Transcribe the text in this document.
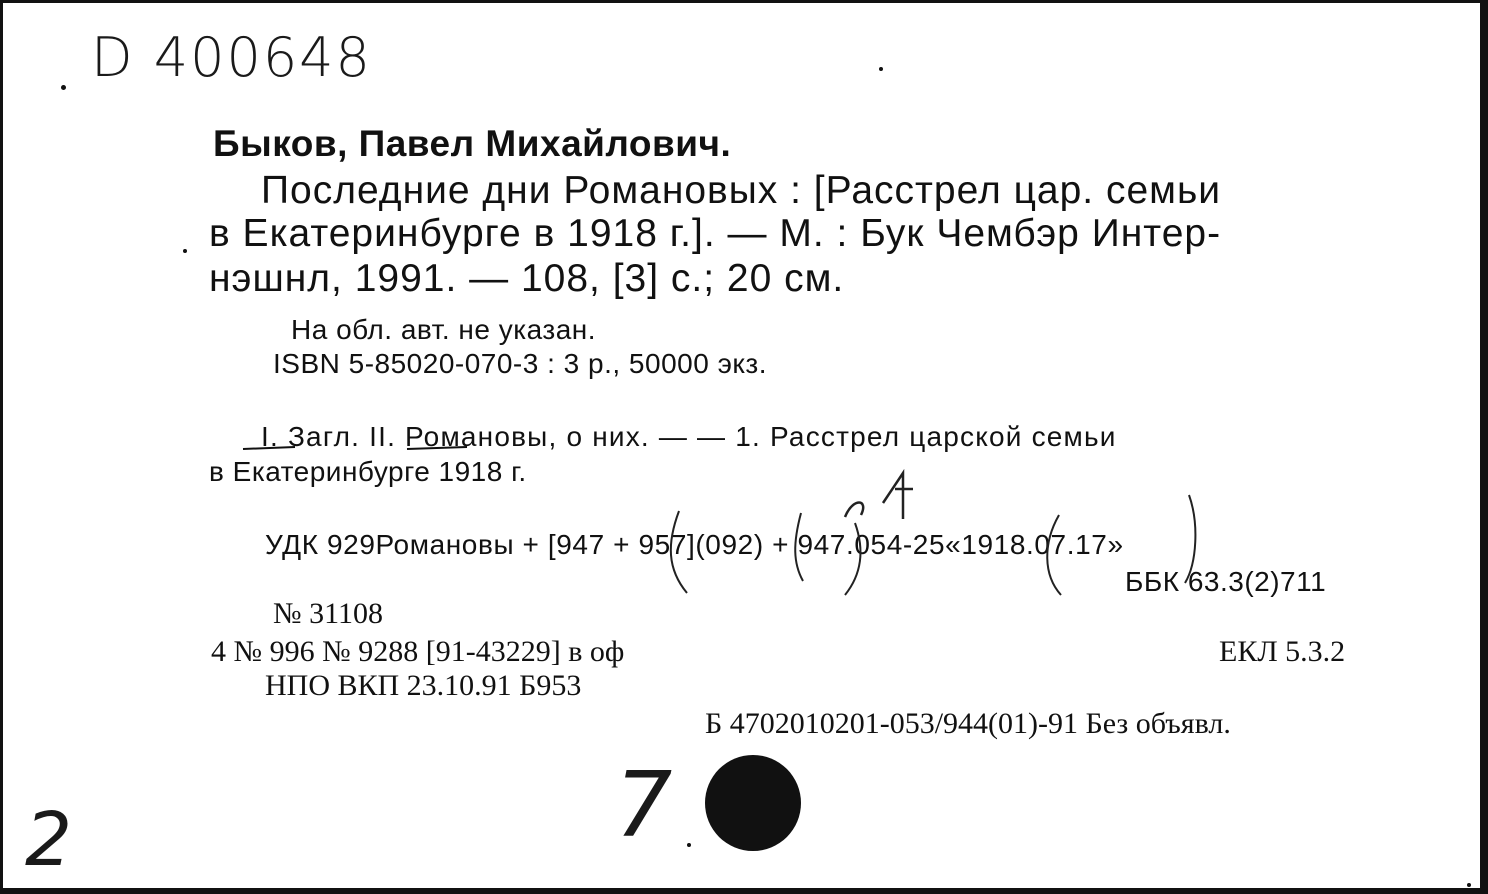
D 400648
Быков, Павел Михайлович.
Последние дни Романовых : [Расстрел цар. семьи
в Екатеринбурге в 1918 г.]. — М. : Бук Чембэр Интер-
нэшнл, 1991. — 108, [3] с.; 20 см.
На обл. авт. не указан.
ISBN 5-85020-070-3 : 3 р., 50000 экз.
I. Загл. II. Романовы, о них. — — 1. Расстрел царской семьи
в Екатеринбурге 1918 г.
УДК 929Романовы + [947 + 957](092) + 947.054-25«1918.07.17»
ББК 63.3(2)711
№ 31108
4 № 996 № 9288 [91-43229] в оф	ЕКЛ 5.3.2
НПО ВКП 23.10.91 Б953
Б 4702010201-053/944(01)-91 Без объявл.
2	7
